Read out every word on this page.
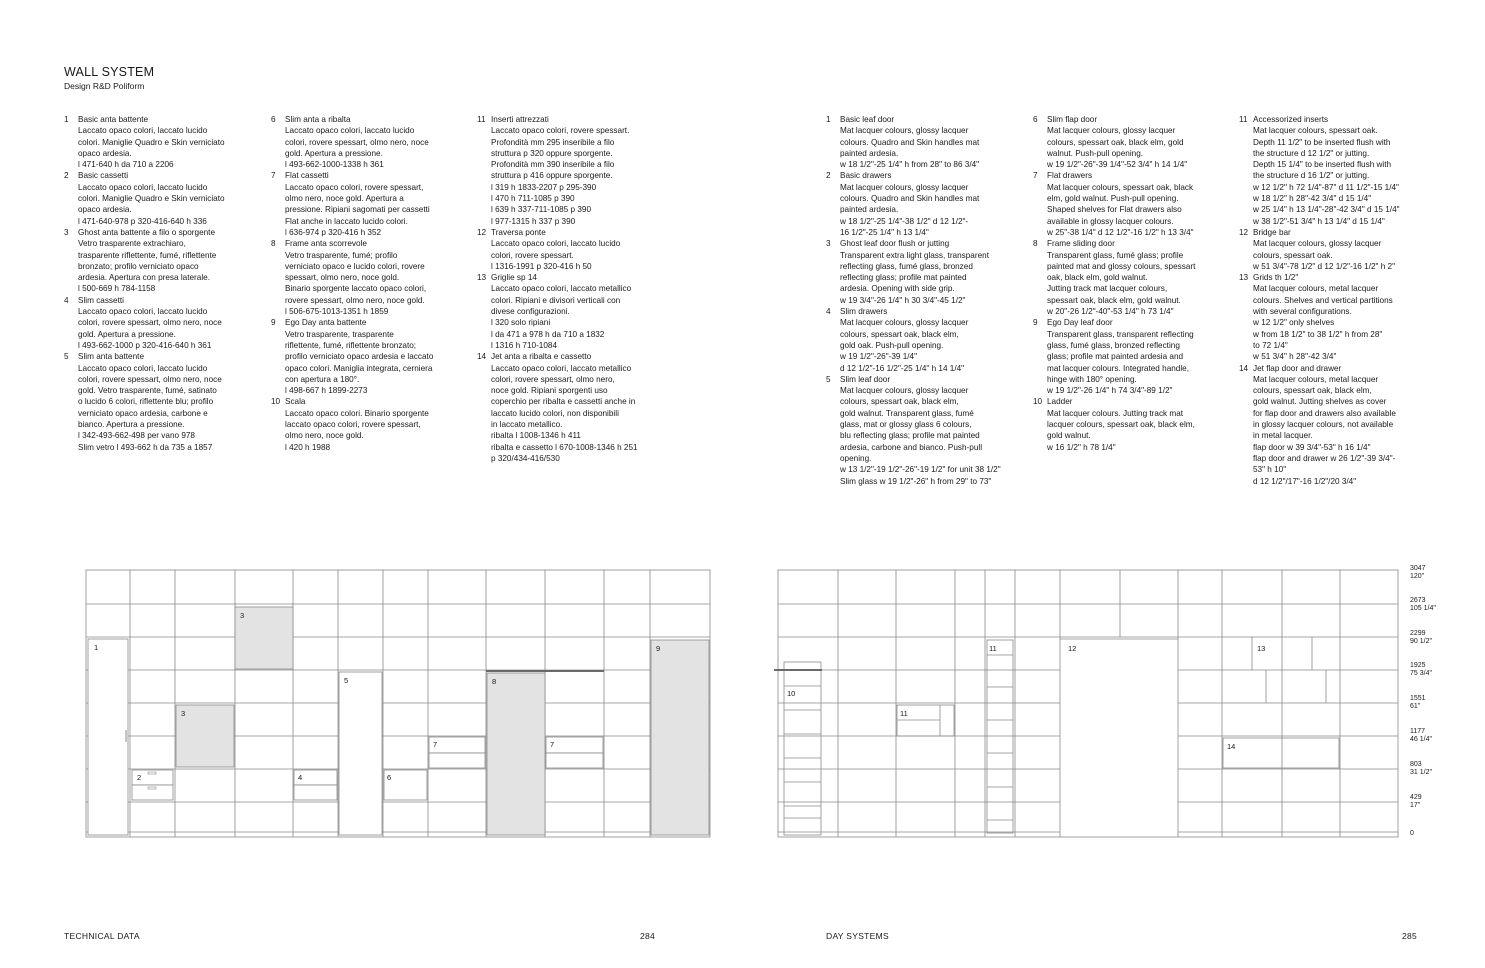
WALL SYSTEM
Design R&D Poliform
1 Basic anta battente
Laccato opaco colori, laccato lucido
colori. Maniglie Quadro e Skin verniciato
opaco ardesia.
l 471-640 h da 710 a 2206
2 Basic cassetti
Laccato opaco colori, laccato lucido
colori. Maniglie Quadro e Skin verniciato
opaco ardesia.
l 471-640-978 p 320-416-640 h 336
3 Ghost anta battente a filo o sporgente
Vetro trasparente extrachiaro,
trasparente riflettente, fumé, riflettente
bronzato; profilo verniciato opaco
ardesia. Apertura con presa laterale.
l 500-669 h 784-1158
4 Slim cassetti
Laccato opaco colori, laccato lucido
colori, rovere spessart, olmo nero, noce
gold. Apertura a pressione.
l 493-662-1000 p 320-416-640 h 361
5 Slim anta battente
Laccato opaco colori, laccato lucido
colori, rovere spessart, olmo nero, noce
gold. Vetro trasparente, fumé, satinato
o lucido 6 colori, riflettente blu; profilo
verniciato opaco ardesia, carbone e
bianco. Apertura a pressione.
l 342-493-662-498 per vano 978
Slim vetro l 493-662 h da 735 a 1857
6 Slim anta a ribalta
Laccato opaco colori, laccato lucido
colori, rovere spessart, olmo nero, noce
gold. Apertura a pressione.
l 493-662-1000-1338 h 361
7 Flat cassetti
Laccato opaco colori, rovere spessart,
olmo nero, noce gold. Apertura a
pressione. Ripiani sagomati per cassetti
Flat anche in laccato lucido colori.
l 636-974 p 320-416 h 352
8 Frame anta scorrevole
Vetro trasparente, fumé; profilo
verniciato opaco e lucido colori, rovere
spessart, olmo nero, noce gold.
Binario sporgente laccato opaco colori,
rovere spessart, olmo nero, noce gold.
l 506-675-1013-1351 h 1859
9 Ego Day anta battente
Vetro trasparente, trasparente
riflettente, fumé, riflettente bronzato;
profilo verniciato opaco ardesia e laccato
opaco colori. Maniglia integrata, cerniera
con apertura a 180°.
l 498-667 h 1899-2273
10 Scala
Laccato opaco colori. Binario sporgente
laccato opaco colori, rovere spessart,
olmo nero, noce gold.
l 420 h 1988
11 Inserti attrezzati
Laccato opaco colori, rovere spessart.
Profondità mm 295 inseribile a filo
struttura p 320 oppure sporgente.
Profondità mm 390 inseribile a filo
struttura p 416 oppure sporgente.
l 319 h 1833-2207 p 295-390
l 470 h 711-1085 p 390
l 639 h 337-711-1085 p 390
l 977-1315 h 337 p 390
12 Traversa ponte
Laccato opaco colori, laccato lucido
colori, rovere spessart.
l 1316-1991 p 320-416 h 50
13 Griglie sp 14
Laccato opaco colori, laccato metallico
colori. Ripiani e divisori verticali con
divese configurazioni.
l 320 solo ripiani
l da 471 a 978 h da 710 a 1832
l 1316 h 710-1084
14 Jet anta a ribalta e cassetto
Laccato opaco colori, laccato metallico
colori, rovere spessart, olmo nero,
noce gold. Ripiani sporgenti uso
coperchio per ribalta e cassetti anche in
laccato lucido colori, non disponibili
in laccato metallico.
ribalta l 1008-1346 h 411
ribalta e cassetto l 670-1008-1346 h 251
p 320/434-416/530
1 Basic leaf door
Mat lacquer colours, glossy lacquer
colours. Quadro and Skin handles mat
painted ardesia.
w 18 1/2"-25 1/4" h from 28" to 86 3/4"
2 Basic drawers
Mat lacquer colours, glossy lacquer
colours. Quadro and Skin handles mat
painted ardesia.
w 18 1/2"-25 1/4"-38 1/2" d 12 1/2"-
16 1/2"-25 1/4" h 13 1/4"
3 Ghost leaf door flush or jutting
Transparent extra light glass, transparent
reflecting glass, fumé glass, bronzed
reflecting glass; profile mat painted
ardesia. Opening with side grip.
w 19 3/4"-26 1/4" h 30 3/4"-45 1/2"
4 Slim drawers
Mat lacquer colours, glossy lacquer
colours, spessart oak, black elm,
gold oak. Push-pull opening.
w 19 1/2"-26"-39 1/4"
d 12 1/2"-16 1/2"-25 1/4" h 14 1/4"
5 Slim leaf door
Mat lacquer colours, glossy lacquer
colours, spessart oak, black elm,
gold walnut. Transparent glass, fumé
glass, mat or glossy glass 6 colours,
blu reflecting glass; profile mat painted
ardesia, carbone and bianco. Push-pull
opening.
w 13 1/2"-19 1/2"-26"-19 1/2" for unit 38 1/2"
Slim glass w 19 1/2"-26" h from 29" to 73"
6 Slim flap door
Mat lacquer colours, glossy lacquer
colours, spessart oak, black elm, gold
walnut. Push-pull opening.
w 19 1/2"-26"-39 1/4"-52 3/4" h 14 1/4"
7 Flat drawers
Mat lacquer colours, spessart oak, black
elm, gold walnut. Push-pull opening.
Shaped shelves for Flat drawers also
available in glossy lacquer colours.
w 25"-38 1/4" d 12 1/2"-16 1/2" h 13 3/4"
8 Frame sliding door
Transparent glass, fumé glass; profile
painted mat and glossy colours, spessart
oak, black elm, gold walnut.
Jutting track mat lacquer colours,
spessart oak, black elm, gold walnut.
w 20"-26 1/2"-40"-53 1/4" h 73 1/4"
9 Ego Day leaf door
Transparent glass, transparent reflecting
glass, fumé glass, bronzed reflecting
glass; profile mat painted ardesia and
mat lacquer colours. Integrated handle,
hinge with 180° opening.
w 19 1/2"-26 1/4" h 74 3/4"-89 1/2"
10 Ladder
Mat lacquer colours. Jutting track mat
lacquer colours, spessart oak, black elm,
gold walnut.
w 16 1/2" h 78 1/4"
11 Accessorized inserts
Mat lacquer colours, spessart oak.
Depth 11 1/2" to be inserted flush with
the structure d 12 1/2" or jutting.
Depth 15 1/4" to be inserted flush with
the structure d 16 1/2" or jutting.
w 12 1/2" h 72 1/4"-87" d 11 1/2"-15 1/4"
w 18 1/2" h 28"-42 3/4" d 15 1/4"
w 25 1/4" h 13 1/4"-28"-42 3/4" d 15 1/4"
w 38 1/2"-51 3/4" h 13 1/4" d 15 1/4"
12 Bridge bar
Mat lacquer colours, glossy lacquer
colours, spessart oak.
w 51 3/4"-78 1/2" d 12 1/2"-16 1/2" h 2"
13 Grids th 1/2"
Mat lacquer colours, metal lacquer
colours. Shelves and vertical partitions
with several configurations.
w 12 1/2" only shelves
w from 18 1/2" to 38 1/2" h from 28"
to 72 1/4"
w 51 3/4" h 28"-42 3/4"
14 Jet flap door and drawer
Mat lacquer colours, metal lacquer
colours, spessart oak, black elm,
gold walnut. Jutting shelves as cover
for flap door and drawers also available
in glossy lacquer colours, not available
in metal lacquer.
flap door w 39 3/4"-53" h 16 1/4"
flap door and drawer w 26 1/2"-39 3/4"-
53" h 10"
d 12 1/2"/17"-16 1/2"/20 3/4"
1
2
3
3
4
5
6
7	7
8
9
10
11
11	12	13
14
3047
120"
2673
105 1/4"
2299
90 1/2"
1925
75 3/4"
1551
61"
1177
46 1/4"
803
31 1/2"
429
17"
0
TECHNICAL DATA	284	DAY SYSTEMS	285
